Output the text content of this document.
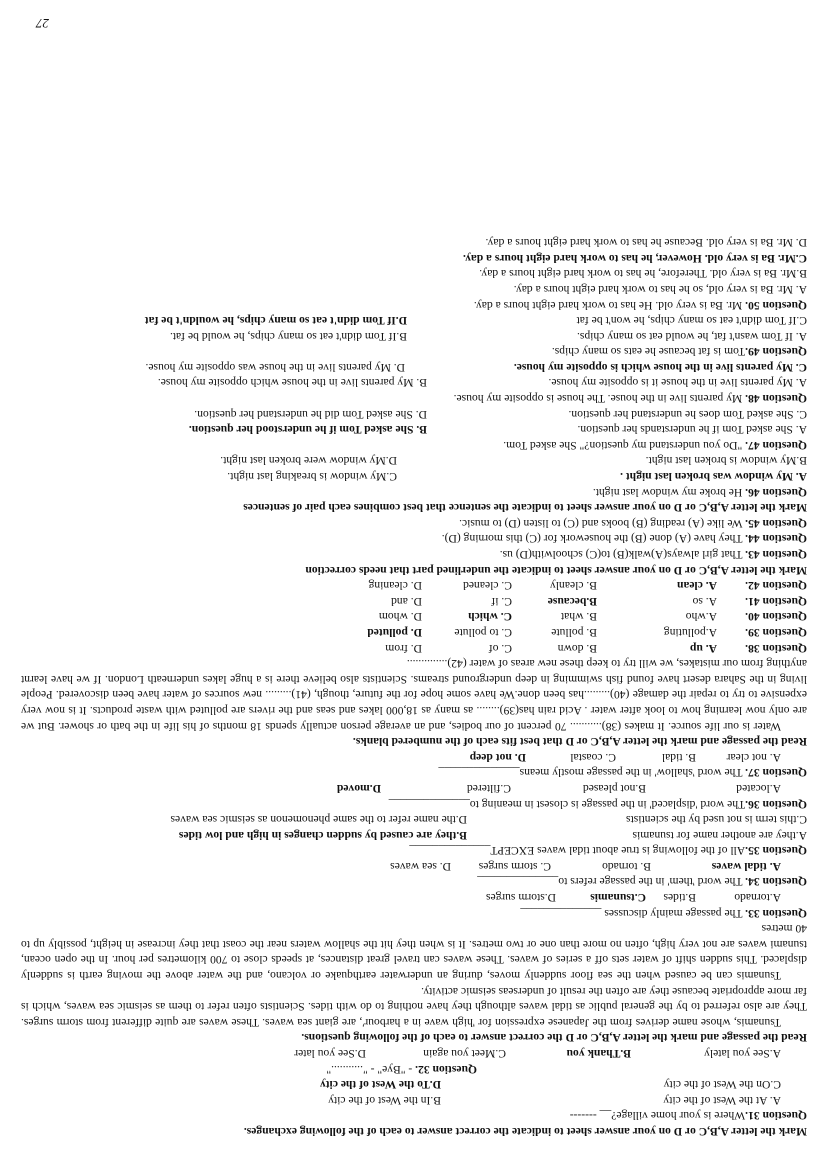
27
Mark the letter A,B,C or D on your answer sheet to indicate the correct answer to each of the following exchanges.
Question 31.Where is your home village?__ -------
A. At the West of the city
B.In the West of the city
C.On the West of the city
D.To the West of the city
Question 32. - "Bye" - "..........."
A.See you lately
B.Thank you
C.Meet you again
D.See you later
Read the passage and mark the letter A,B,C or D the correct answer to each of the following questions.
Tsunamis, whose name derives from the Japanese expression for 'high wave in a harbour', are giant sea waves. These waves are quite different from storm surges. They are also referred to by the general public as tidal waves although they have nothing to do with tides. Scientists often refer to them as seismic sea waves, which is far more appropriate because they are often the result of underseas seismic activity.
Tsunamis can be caused when the sea floor suddenly moves, during an underwater earthquake or volcano, and the water above the moving earth is suddenly displaced. This sudden shift of water sets off a series of waves. These waves can travel great distances, at speeds close to 700 kilometres per hour. In the open ocean, tsunami waves are not very high, often no more than one or two metres. It is when they hit the shallow waters near the coast that they increase in height, possibly up to 40 metres
Question 33. The passage mainly discusses ______________
A.tornado
B.tides
C.tsunamis
D.storm surges
Question 34. The word 'them' in the passage refers to______________
A. tidal waves
B. tornado
C. storm surges
D. sea waves
Question 35.All of the following is true about tidal waves EXCEPT______________
A.they are another name for tsunamis
B.they are caused by sudden changes in high and low tides
C.this term is not used by the scientists
D.the name refer to the same phenomenon as seismic sea waves
Question 36.The word 'displaced' in the passage is closest in meaning to______________
A.located
B.not pleased
C.filtered
D.moved
Question 37. The word 'shallow' in the passage mostly means______________
A. not clear
B. tidal
C. coastal
D. not deep
Read the passage and mark the letter A,B,C or D that best fits each of the numbered blanks.
Water is our life source. It makes (38)........... 70 percent of our bodies, and an average person actually spends 18 months of his life in the bath or shower. But we are only now learning how to look after water . Acid rain has(39)........ as many as 18,000 lakes and seas and the rivers are polluted with waste products. It is now very expensive to try to repair the damage (40).........has been done.We have some hope for the future, though, (41)......... new sources of water have been discovered. People living in the Sahara desert have found fish swimming in deep underground streams. Scientists also believe there is a huge lakes underneath London. If we have learnt anything from our mistakes, we will try to keep these new areas of water (42)..............
Question 38.
A. up
B. down
C. of
D. from
Question 39.
A.polluting
B. pollute
C. to pollute
D. polluted
Question 40.
A.who
B. what
C. which
D. whom
Question 41.
A. so
B.because
C. if
D. and
Question 42.
A. clean
B. cleanly
C. cleaned
D. cleaning
Mark the letter A,B,C or D on your answer sheet to indicate the underlined part that needs correction
Question 43. That girl always(A)walk(B) to(C) schoolwith(D) us.
Question 44. They have (A) done (B) the housework for (C) this morning (D).
Question 45. We like (A) reading (B) books and (C) to listen (D) to music.
Mark the letter A,B,C or D on your answer sheet to indicate the sentence that best combines each pair of sentences
Question 46. He broke my window last night.
A. My window was broken last night .
C.My window is breaking last night.
B.My window is broken last night.
D.My window were broken last night.
Question 47. "Do you understand my question?" She asked Tom.
A. She asked Tom if he understands her question.
B. She asked Tom if he understood her question.
C. She asked Tom does he understand her question.
D. She asked Tom did he understand her question.
Question 48. My parents live in the house. The house is opposite my house.
A. My parents live in the house it is opposite my house.
B. My parents live in the house which opposite my house.
C. My parents live in the house which is opposite my house.
D. My parents live in the house was opposite my house.
Question 49.Tom is fat because he eats so many chips.
A. If Tom wasn't fat, he would eat so many chips.
B.If Tom didn't eat so many chips, he would be fat.
C.If Tom didn't eat so many chips, he won't be fat
D.If Tom didn't eat so many chips, he wouldn't be fat
Question 50. Mr. Ba is very old. He has to work hard eight hours a day.
A. Mr. Ba is very old, so he has to work hard eight hours a day.
B.Mr. Ba is very old. Therefore, he has to work hard eight hours a day.
C.Mr. Ba is very old. However, he has to work hard eight hours a day.
D. Mr. Ba is very old. Because he has to work hard eight hours a day.
